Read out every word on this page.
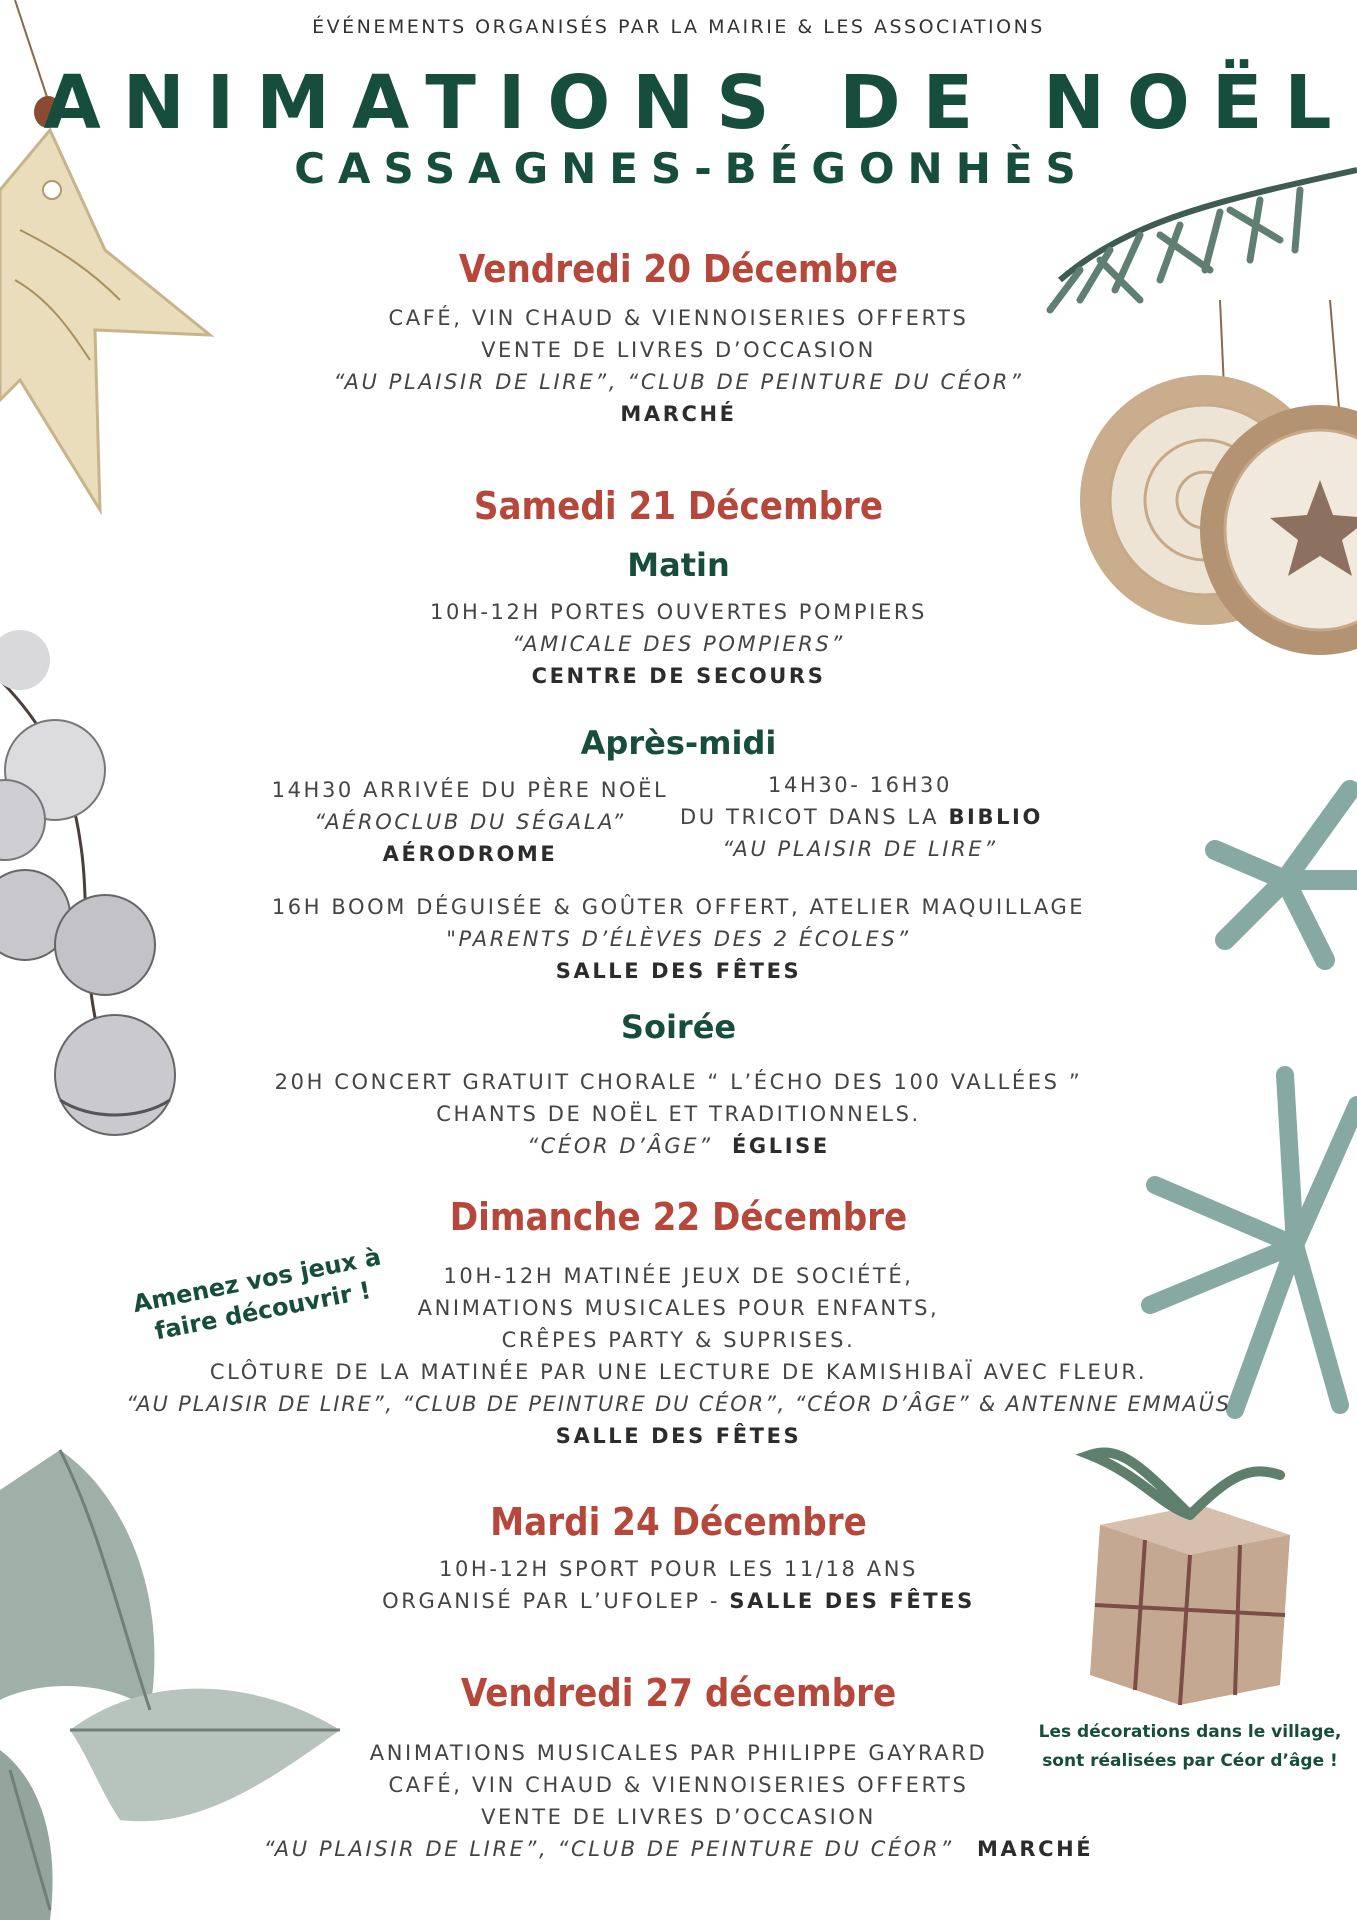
ÉVÉNEMENTS ORGANISÉS PAR LA MAIRIE & LES ASSOCIATIONS
ANIMATIONS DE NOËL
CASSAGNES-BÉGONHÈS
Vendredi 20 Décembre
CAFÉ, VIN CHAUD & VIENNOISERIES OFFERTS
VENTE DE LIVRES D’OCCASION
“AU PLAISIR DE LIRE”, “CLUB DE PEINTURE DU CÉOR”
MARCHÉ
Samedi 21 Décembre
Matin
10H-12H PORTES OUVERTES POMPIERS
“AMICALE DES POMPIERS”
CENTRE DE SECOURS
Après-midi
14H30 ARRIVÉE DU PÈRE NOËL
“AÉROCLUB DU SÉGALA”
AÉRODROME
14H30- 16H30
DU TRICOT DANS LA BIBLIO
“AU PLAISIR DE LIRE”
16H BOOM DÉGUISÉE & GOÛTER OFFERT, ATELIER MAQUILLAGE
"PARENTS D’ÉLÈVES DES 2 ÉCOLES”
SALLE DES FÊTES
Soirée
20H CONCERT GRATUIT CHORALE “ L’ÉCHO DES 100 VALLÉES ”
CHANTS DE NOËL ET TRADITIONNELS.
“CÉOR D’ÂGE” ÉGLISE
Dimanche 22 Décembre
Amenez vos jeux à faire découvrir !
10H-12H MATINÉE JEUX DE SOCIÉTÉ,
ANIMATIONS MUSICALES POUR ENFANTS,
CRÊPES PARTY & SUPRISES.
CLÔTURE DE LA MATINÉE PAR UNE LECTURE DE KAMISHIBAÏ AVEC FLEUR.
“AU PLAISIR DE LIRE”, “CLUB DE PEINTURE DU CÉOR”, “CÉOR D’ÂGE” & ANTENNE EMMAÜS
SALLE DES FÊTES
Mardi 24 Décembre
10H-12H SPORT POUR LES 11/18 ANS
ORGANISÉ PAR L’UFOLEP - SALLE DES FÊTES
Vendredi 27 décembre
ANIMATIONS MUSICALES PAR PHILIPPE GAYRARD
CAFÉ, VIN CHAUD & VIENNOISERIES OFFERTS
VENTE DE LIVRES D’OCCASION
“AU PLAISIR DE LIRE”, “CLUB DE PEINTURE DU CÉOR” MARCHÉ
Les décorations dans le village,
sont réalisées par Céor d’âge !
